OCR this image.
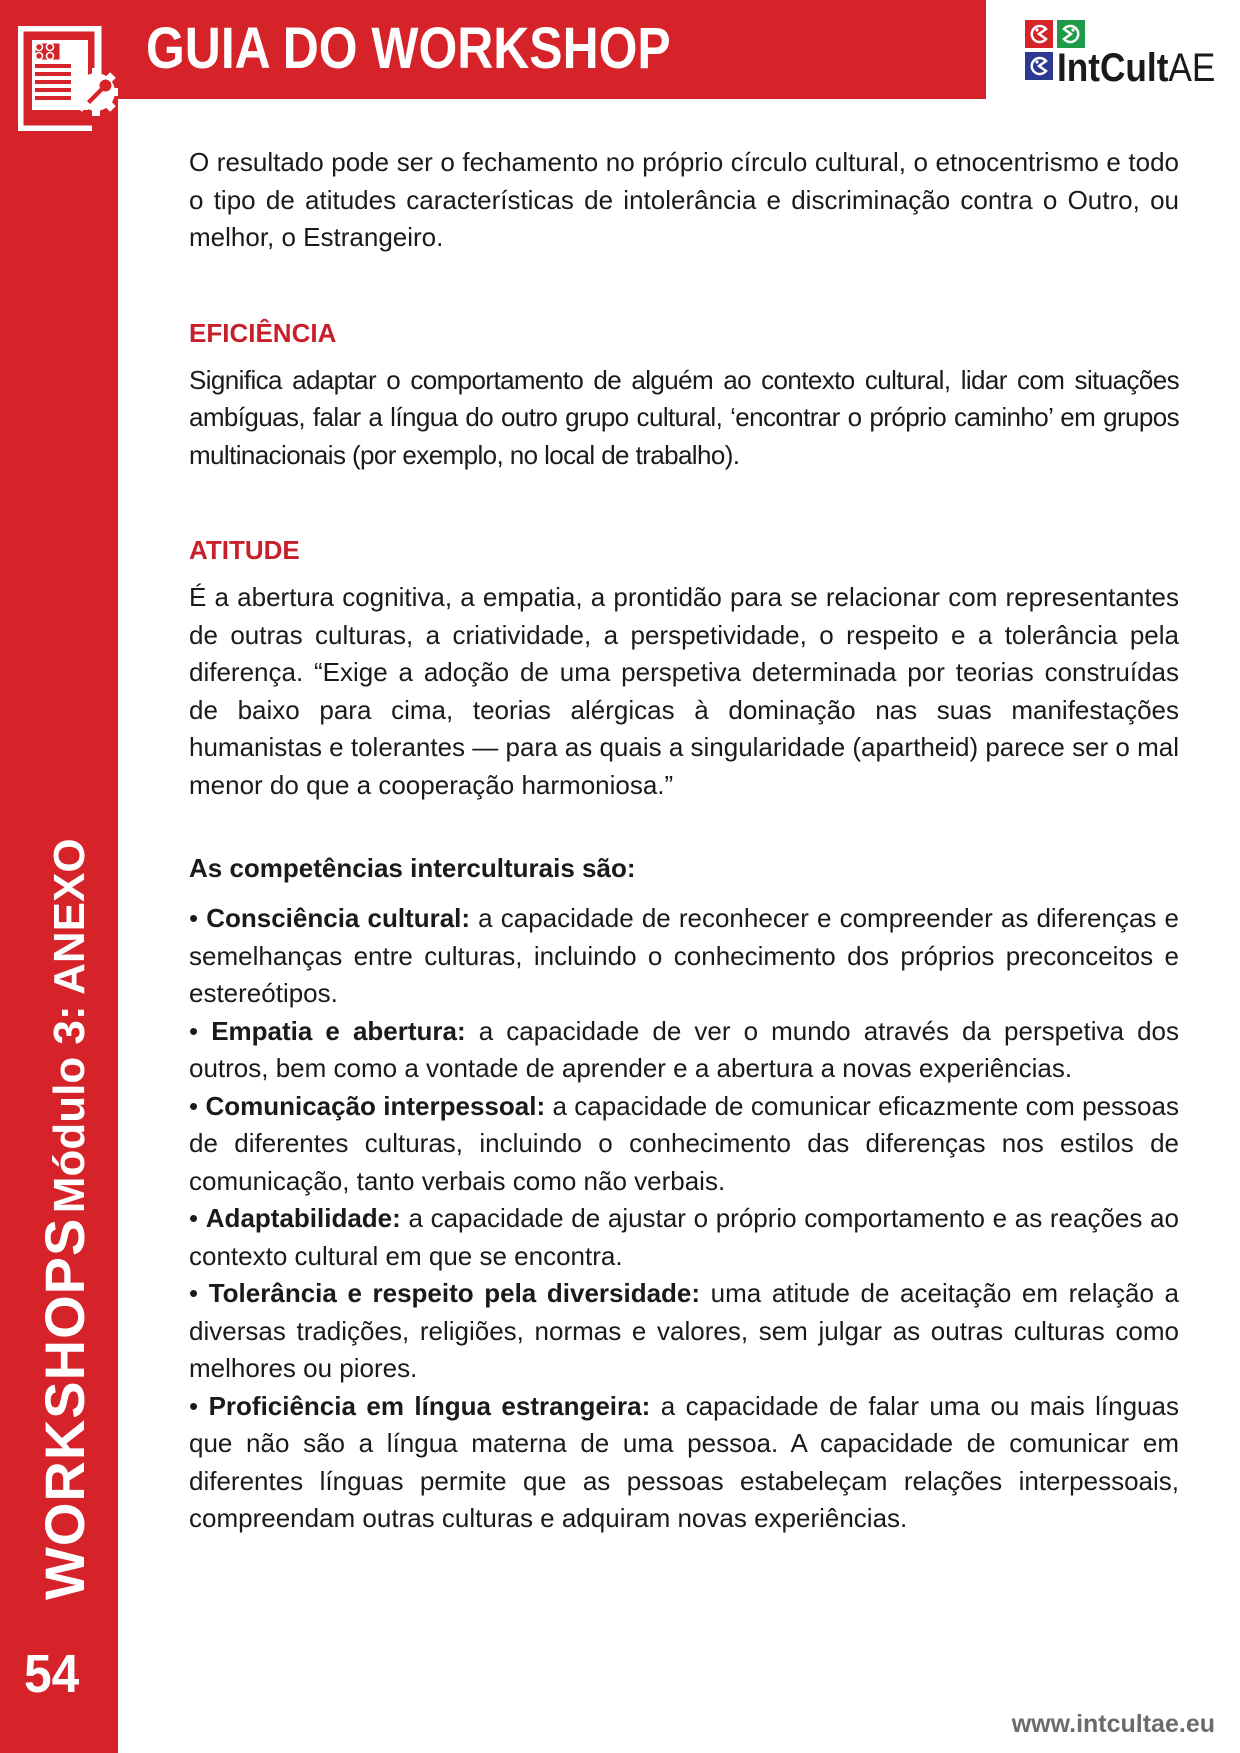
GUIA DO WORKSHOP	IntCultAE
WORKSHOPS Módulo 3: ANEXO
54

O resultado pode ser o fechamento no próprio círculo cultural, o etnocentrismo e todo o tipo de atitudes características de intolerância e discriminação contra o Outro, ou melhor, o Estrangeiro.

EFICIÊNCIA

Significa adaptar o comportamento de alguém ao contexto cultural, lidar com situações ambíguas, falar a língua do outro grupo cultural, ‘encontrar o próprio caminho’ em grupos multinacionais (por exemplo, no local de trabalho).

ATITUDE

É a abertura cognitiva, a empatia, a prontidão para se relacionar com representantes de outras culturas, a criatividade, a perspetividade, o respeito e a tolerância pela diferença. “Exige a adoção de uma perspetiva determinada por teorias construídas de baixo para cima, teorias alérgicas à dominação nas suas manifestações humanistas e tolerantes — para as quais a singularidade (apartheid) parece ser o mal menor do que a cooperação harmoniosa.”

As competências interculturais são:

• Consciência cultural: a capacidade de reconhecer e compreender as diferenças e semelhanças entre culturas, incluindo o conhecimento dos próprios preconceitos e estereótipos.

• Empatia e abertura: a capacidade de ver o mundo através da perspetiva dos outros, bem como a vontade de aprender e a abertura a novas experiências.

• Comunicação interpessoal: a capacidade de comunicar eficazmente com pessoas de diferentes culturas, incluindo o conhecimento das diferenças nos estilos de comunicação, tanto verbais como não verbais.

• Adaptabilidade: a capacidade de ajustar o próprio comportamento e as reações ao contexto cultural em que se encontra.

• Tolerância e respeito pela diversidade: uma atitude de aceitação em relação a diversas tradições, religiões, normas e valores, sem julgar as outras culturas como melhores ou piores.

• Proficiência em língua estrangeira: a capacidade de falar uma ou mais línguas que não são a língua materna de uma pessoa. A capacidade de comunicar em diferentes línguas permite que as pessoas estabeleçam relações interpessoais, compreendam outras culturas e adquiram novas experiências.

www.intcultae.eu
